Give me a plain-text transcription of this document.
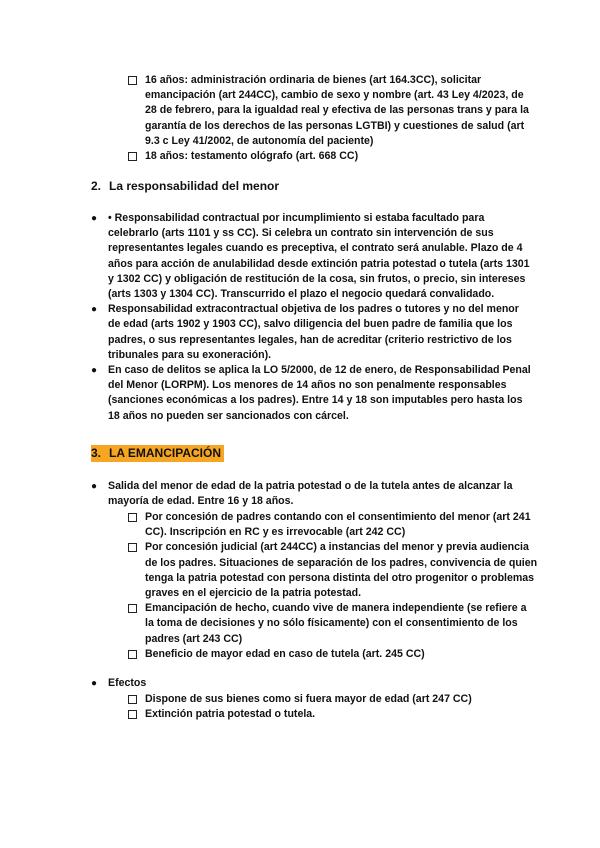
16 años: administración ordinaria de bienes (art 164.3CC), solicitar emancipación (art 244CC), cambio de sexo y nombre (art. 43 Ley 4/2023, de 28 de febrero, para la igualdad real y efectiva de las personas trans y para la garantía de los derechos de las personas LGTBI) y cuestiones de salud (art 9.3 c Ley 41/2002, de autonomía del paciente)
18 años: testamento ológrafo (art. 668 CC)
2. La responsabilidad del menor
● • Responsabilidad contractual por incumplimiento si estaba facultado para celebrarlo (arts 1101 y ss CC). Si celebra un contrato sin intervención de sus representantes legales cuando es preceptiva, el contrato será anulable. Plazo de 4 años para acción de anulabilidad desde extinción patria potestad o tutela (arts 1301 y 1302 CC) y obligación de restitución de la cosa, sin frutos, o precio, sin intereses (arts 1303 y 1304 CC). Transcurrido el plazo el negocio quedará convalidado.
● Responsabilidad extracontractual objetiva de los padres o tutores y no del menor de edad (arts 1902 y 1903 CC), salvo diligencia del buen padre de familia que los padres, o sus representantes legales, han de acreditar (criterio restrictivo de los tribunales para su exoneración).
● En caso de delitos se aplica la LO 5/2000, de 12 de enero, de Responsabilidad Penal del Menor (LORPM). Los menores de 14 años no son penalmente responsables (sanciones económicas a los padres). Entre 14 y 18 son imputables pero hasta los 18 años no pueden ser sancionados con cárcel.
3. LA EMANCIPACIÓN
● Salida del menor de edad de la patria potestad o de la tutela antes de alcanzar la mayoría de edad. Entre 16 y 18 años.
Por concesión de padres contando con el consentimiento del menor (art 241 CC). Inscripción en RC y es irrevocable (art 242 CC)
Por concesión judicial (art 244CC) a instancias del menor y previa audiencia de los padres. Situaciones de separación de los padres, convivencia de quien tenga la patria potestad con persona distinta del otro progenitor o problemas graves en el ejercicio de la patria potestad.
Emancipación de hecho, cuando vive de manera independiente (se refiere a la toma de decisiones y no sólo físicamente) con el consentimiento de los padres (art 243 CC)
Beneficio de mayor edad en caso de tutela (art. 245 CC)
● Efectos
Dispone de sus bienes como si fuera mayor de edad (art 247 CC)
Extinción patria potestad o tutela.
